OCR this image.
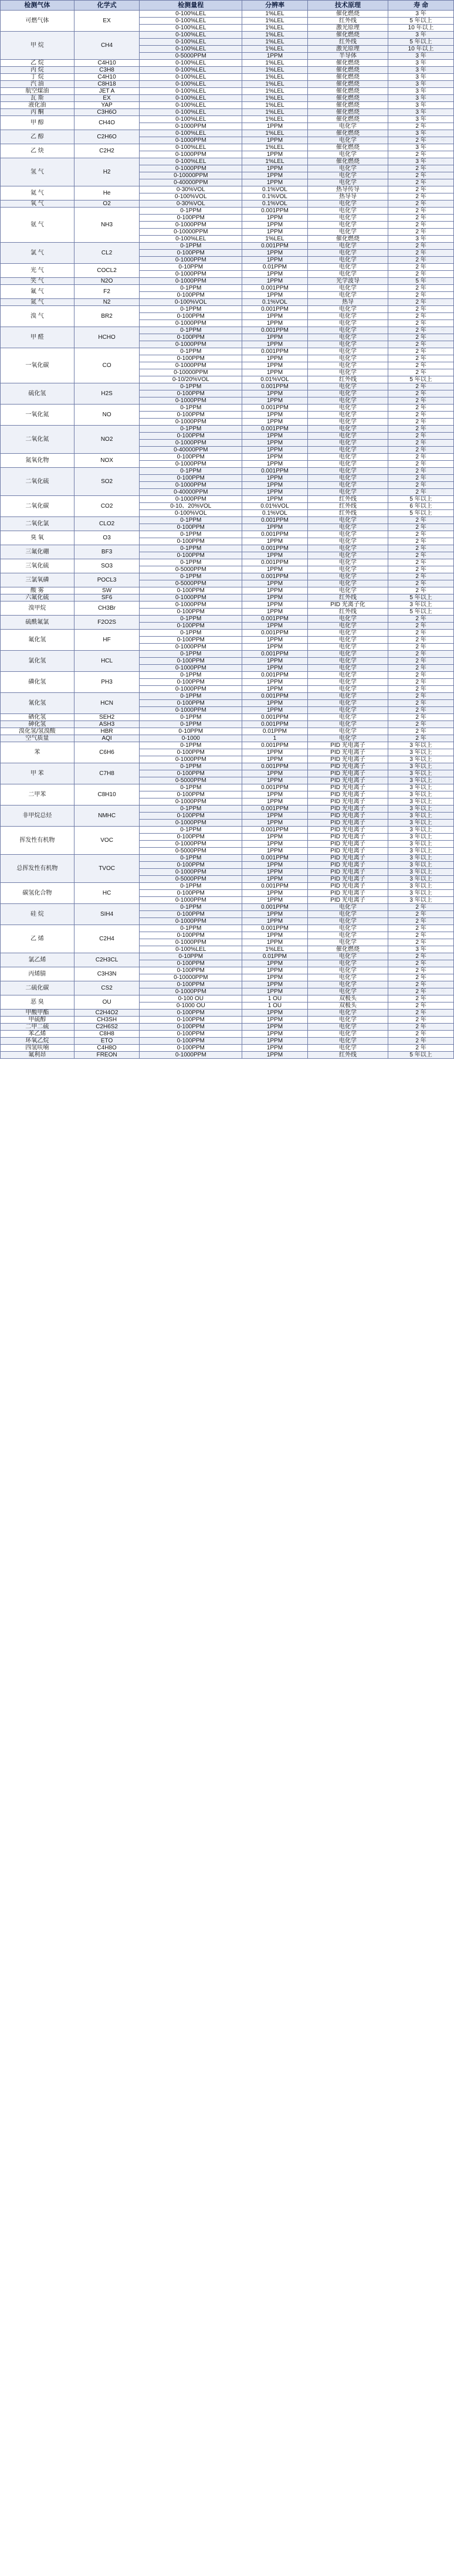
检测气体	化学式	检测量程	分辨率	技术原理	寿 命
可燃气体	EX	0-100%LEL	1%LEL	催化燃烧	3 年
		0-100%LEL	1%LEL	红外线	5 年以上
		0-100%LEL	1%LEL	激光原理	10 年以上
甲 烷	CH4	0-100%LEL	1%LEL	催化燃烧	3 年
		0-100%LEL	1%LEL	红外线	5 年以上
		0-100%LEL	1%LEL	激光原理	10 年以上
		0-5000PPM	1PPM	半导体	3 年
乙 烷	C4H10	0-100%LEL	1%LEL	催化燃烧	3 年
丙 烷	C3H8	0-100%LEL	1%LEL	催化燃烧	3 年
丁 烷	C4H10	0-100%LEL	1%LEL	催化燃烧	3 年
汽 油	C8H18	0-100%LEL	1%LEL	催化燃烧	3 年
航空煤油	JET A	0-100%LEL	1%LEL	催化燃烧	3 年
瓦 斯	EX	0-100%LEL	1%LEL	催化燃烧	3 年
液化油	YAP	0-100%LEL	1%LEL	催化燃烧	3 年
丙 酮	C3H6O	0-100%LEL	1%LEL	催化燃烧	3 年
甲 醇	CH4O	0-100%LEL	1%LEL	催化燃烧	3 年
		0-1000PPM	1PPM	电化学	2 年
乙 醇	C2H6O	0-100%LEL	1%LEL	催化燃烧	3 年
		0-1000PPM	1PPM	电化学	2 年
乙 炔	C2H2	0-100%LEL	1%LEL	催化燃烧	3 年
		0-1000PPM	1PPM	电化学	2 年
氢 气	H2	0-100%LEL	1%LEL	催化燃烧	3 年
		0-1000PPM	1PPM	电化学	2 年
		0-10000PPM	1PPM	电化学	2 年
		0-40000PPM	1PPM	电化学	2 年
氦 气	He	0-30%VOL	0.1%VOL	热导传导	2 年
		0-100%VOL	0.1%VOL	热导导	2 年
氧 气	O2	0-30%VOL	0.1%VOL	电化学	2 年
氨 气	NH3	0-1PPM	0.001PPM	电化学	2 年
		0-100PPM	1PPM	电化学	2 年
		0-1000PPM	1PPM	电化学	2 年
		0-10000PPM	1PPM	电化学	2 年
		0-100%LEL	1%LEL	催化燃烧	3 年
氯 气	CL2	0-1PPM	0.001PPM	电化学	2 年
		0-100PPM	1PPM	电化学	2 年
		0-1000PPM	1PPM	电化学	2 年
光 气	COCL2	0-10PPM	0.01PPM	电化学	2 年
		0-1000PPM	1PPM	电化学	2 年
笑 气	N2O	0-1000PPM	1PPM	光学波导	5 年
氟 气	F2	0-1PPM	0.001PPM	电化学	2 年
		0-100PPM	1PPM	电化学	2 年
氮 气	N2	0-100%VOL	0.1%VOL	热导	2 年
溴 气	BR2	0-1PPM	0.001PPM	电化学	2 年
		0-100PPM	1PPM	电化学	2 年
		0-1000PPM	1PPM	电化学	2 年
甲 醛	HCHO	0-1PPM	0.001PPM	电化学	2 年
		0-100PPM	1PPM	电化学	2 年
		0-1000PPM	1PPM	电化学	2 年
一氧化碳	CO	0-1PPM	0.001PPM	电化学	2 年
		0-100PPM	1PPM	电化学	2 年
		0-1000PPM	1PPM	电化学	2 年
		0-10000PPM	1PPM	电化学	2 年
		0-10/20%VOL	0.01%VOL	红外线	5 年以上
硫化氢	H2S	0-1PPM	0.001PPM	电化学	2 年
		0-100PPM	1PPM	电化学	2 年
		0-1000PPM	1PPM	电化学	2 年
一氧化氮	NO	0-1PPM	0.001PPM	电化学	2 年
		0-100PPM	1PPM	电化学	2 年
		0-1000PPM	1PPM	电化学	2 年
二氧化氮	NO2	0-1PPM	0.001PPM	电化学	2 年
		0-100PPM	1PPM	电化学	2 年
		0-1000PPM	1PPM	电化学	2 年
		0-40000PPM	1PPM	电化学	2 年
氮氧化物	NOX	0-100PPM	1PPM	电化学	2 年
		0-1000PPM	1PPM	电化学	2 年
二氧化硫	SO2	0-1PPM	0.001PPM	电化学	2 年
		0-100PPM	1PPM	电化学	2 年
		0-1000PPM	1PPM	电化学	2 年
		0-40000PPM	1PPM	电化学	2 年
二氧化碳	CO2	0-1000PPM	1PPM	红外线	5 年以上
		0-10、20%VOL	0.01%VOL	红外线	6 年以上
		0-100%VOL	0.1%VOL	红外线	5 年以上
二氧化氯	CLO2	0-1PPM	0.001PPM	电化学	2 年
		0-100PPM	1PPM	电化学	2 年
臭 氧	O3	0-1PPM	0.001PPM	电化学	2 年
		0-100PPM	1PPM	电化学	2 年
三氟化硼	BF3	0-1PPM	0.001PPM	电化学	2 年
		0-100PPM	1PPM	电化学	2 年
三氧化硫	SO3	0-1PPM	0.001PPM	电化学	2 年
		0-5000PPM	1PPM	电化学	2 年
三氯氧磷	POCL3	0-1PPM	0.001PPM	电化学	2 年
		0-5000PPM	1PPM	电化学	2 年
酸 雾	SW	0-100PPM	1PPM	电化学	2 年
六氟化硫	SF6	0-1000PPM	1PPM	红外线	5 年以上
溴甲烷	CH3Br	0-1000PPM	1PPM	PID 光离子化	3 年以上
		0-100PPM	1PPM	红外线	5 年以上
硫酰氟氯	F2O2S	0-1PPM	0.001PPM	电化学	2 年
		0-100PPM	1PPM	电化学	2 年
氟化氢	HF	0-1PPM	0.001PPM	电化学	2 年
		0-100PPM	1PPM	电化学	2 年
		0-1000PPM	1PPM	电化学	2 年
氯化氢	HCL	0-1PPM	0.001PPM	电化学	2 年
		0-100PPM	1PPM	电化学	2 年
		0-1000PPM	1PPM	电化学	2 年
磷化氢	PH3	0-1PPM	0.001PPM	电化学	2 年
		0-100PPM	1PPM	电化学	2 年
		0-1000PPM	1PPM	电化学	2 年
氰化氢	HCN	0-1PPM	0.001PPM	电化学	2 年
		0-100PPM	1PPM	电化学	2 年
		0-1000PPM	1PPM	电化学	2 年
硒化氢	SEH2	0-1PPM	0.001PPM	电化学	2 年
砷化氢	ASH3	0-1PPM	0.001PPM	电化学	2 年
溴化氢/氢溴酸	HBR	0-10PPM	0.01PPM	电化学	2 年
空气质量	AQI	0-1000	1	电化学	2 年
苯	C6H6	0-1PPM	0.001PPM	PID 光电离子	3 年以上
		0-100PPM	1PPM	PID 光电离子	3 年以上
		0-1000PPM	1PPM	PID 光电离子	3 年以上
甲 苯	C7H8	0-1PPM	0.001PPM	PID 光电离子	3 年以上
		0-100PPM	1PPM	PID 光电离子	3 年以上
		0-5000PPM	1PPM	PID 光电离子	3 年以上
二甲苯	C8H10	0-1PPM	0.001PPM	PID 光电离子	3 年以上
		0-100PPM	1PPM	PID 光电离子	3 年以上
		0-1000PPM	1PPM	PID 光电离子	3 年以上
非甲烷总烃	NMHC	0-1PPM	0.001PPM	PID 光电离子	3 年以上
		0-100PPM	1PPM	PID 光电离子	3 年以上
		0-1000PPM	1PPM	PID 光电离子	3 年以上
挥发性有机物	VOC	0-1PPM	0.001PPM	PID 光电离子	3 年以上
		0-100PPM	1PPM	PID 光电离子	3 年以上
		0-1000PPM	1PPM	PID 光电离子	3 年以上
		0-5000PPM	1PPM	PID 光电离子	3 年以上
总挥发性有机物	TVOC	0-1PPM	0.001PPM	PID 光电离子	3 年以上
		0-100PPM	1PPM	PID 光电离子	3 年以上
		0-1000PPM	1PPM	PID 光电离子	3 年以上
		0-5000PPM	1PPM	PID 光电离子	3 年以上
碳氢化合物	HC	0-1PPM	0.001PPM	PID 光电离子	3 年以上
		0-100PPM	1PPM	PID 光电离子	3 年以上
		0-1000PPM	1PPM	PID 光电离子	3 年以上
硅 烷	SIH4	0-1PPM	0.001PPM	电化学	2 年
		0-100PPM	1PPM	电化学	2 年
		0-1000PPM	1PPM	电化学	2 年
乙 烯	C2H4	0-1PPM	0.001PPM	电化学	2 年
		0-100PPM	1PPM	电化学	2 年
		0-1000PPM	1PPM	电化学	2 年
		0-100%LEL	1%LEL	催化燃烧	3 年
氯乙烯	C2H3CL	0-10PPM	0.01PPM	电化学	2 年
		0-100PPM	1PPM	电化学	2 年
丙烯腈	C3H3N	0-100PPM	1PPM	电化学	2 年
		0-10000PPM	1PPM	电化学	2 年
二硫化碳	CS2	0-100PPM	1PPM	电化学	2 年
		0-1000PPM	1PPM	电化学	2 年
恶 臭	OU	0-100 OU	1 OU	双极头	2 年
		0-1000 OU	1 OU	双极头	2 年
甲酸甲酯	C2H4O2	0-100PPM	1PPM	电化学	2 年
甲硫醇	CH3SH	0-100PPM	1PPM	电化学	2 年
二甲二硫	C2H6S2	0-100PPM	1PPM	电化学	2 年
苯乙烯	C8H8	0-100PPM	1PPM	电化学	2 年
环氧乙烷	ETO	0-100PPM	1PPM	电化学	2 年
四氢呋喃	C4H8O	0-100PPM	1PPM	电化学	2 年
氟利昂	FREON	0-1000PPM	1PPM	红外线	5 年以上
